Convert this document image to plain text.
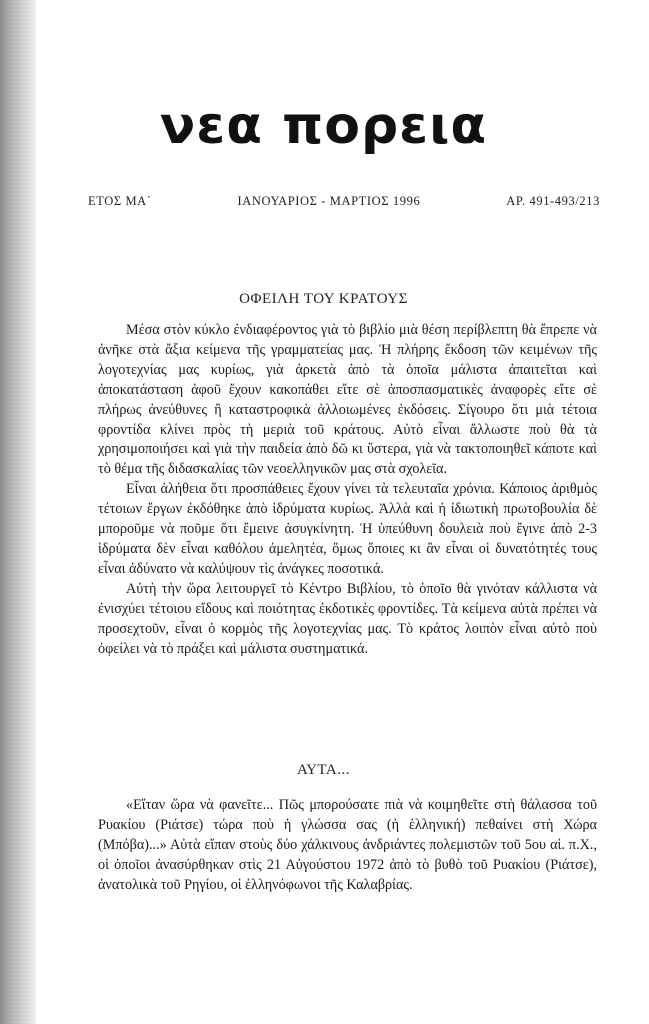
νεα πορεια
ΕΤΟΣ ΜΑ΄	ΙΑΝΟΥΑΡΙΟΣ - ΜΑΡΤΙΟΣ 1996	ΑΡ. 491-493/213
ΟΦΕΙΛΗ ΤΟΥ ΚΡΑΤΟΥΣ

Μέσα στὸν κύκλο ἐνδιαφέροντος γιὰ τὸ βιβλίο μιὰ θέση περίβλεπτη θὰ ἔπρεπε νὰ ἀνῆκε στὰ ἄξια κείμενα τῆς γραμματείας μας. Ἡ πλήρης ἔκδοση τῶν κειμένων τῆς λογοτεχνίας μας κυρίως, γιὰ ἀρκετὰ ἀπὸ τὰ ὁποῖα μάλιστα ἀπαιτεῖται καὶ ἀποκατάσταση ἀφοῦ ἔχουν κακοπάθει εἴτε σὲ ἀποσπασματικὲς ἀναφορὲς εἴτε σὲ πλήρως ἀνεύθυνες ἢ καταστροφικὰ ἀλλοιωμένες ἐκδόσεις. Σίγουρο ὅτι μιὰ τέτοια φροντίδα κλίνει πρὸς τὴ μεριὰ τοῦ κράτους. Αὐτὸ εἶναι ἄλλωστε ποὺ θὰ τὰ χρησιμοποιήσει καὶ γιὰ τὴν παιδεία ἀπὸ δῶ κι ὕστερα, γιὰ νὰ τακτοποιηθεῖ κάποτε καὶ τὸ θέμα τῆς διδασκαλίας τῶν νεοελληνικῶν μας στὰ σχολεῖα.

Εἶναι ἀλήθεια ὅτι προσπάθειες ἔχουν γίνει τὰ τελευταῖα χρόνια. Κάποιος ἀριθμὸς τέτοιων ἔργων ἐκδόθηκε ἀπὸ ἱδρύματα κυρίως. Ἀλλὰ καὶ ἡ ἰδιωτικὴ πρωτοβουλία δὲ μποροῦμε νὰ ποῦμε ὅτι ἔμεινε ἀσυγκίνητη. Ἡ ὑπεύθυνη δουλειὰ ποὺ ἔγινε ἀπὸ 2-3 ἱδρύματα δὲν εἶναι καθόλου ἀμελητέα, ὅμως ὅποιες κι ἂν εἶναι οἱ δυνατότητές τους εἶναι ἀδύνατο νὰ καλύψουν τὶς ἀνάγκες ποσοτικά.

Αὐτὴ τὴν ὥρα λειτουργεῖ τὸ Κέντρο Βιβλίου, τὸ ὁποῖο θὰ γινόταν κάλλιστα νὰ ἐνισχύει τέτοιου εἴδους καὶ ποιότητας ἐκδοτικὲς φροντίδες. Τὰ κείμενα αὐτὰ πρέπει νὰ προσεχτοῦν, εἶναι ὁ κορμὸς τῆς λογοτεχνίας μας. Τὸ κράτος λοιπὸν εἶναι αὐτὸ ποὺ ὀφείλει νὰ τὸ πράξει καὶ μάλιστα συστηματικά.

ΑΥΤΑ...

«Εἴταν ὥρα νὰ φανεῖτε... Πῶς μπορούσατε πιὰ νὰ κοιμηθεῖτε στὴ θάλασσα τοῦ Ρυακίου (Ριάτσε) τώρα ποὺ ἡ γλώσσα σας (ἡ ἑλληνική) πεθαίνει στὴ Χώρα (Μπόβα)...» Αὐτὰ εἴπαν στοὺς δύο χάλκινους ἀνδριάντες πολεμιστῶν τοῦ 5ου αἰ. π.Χ., οἱ ὁποῖοι ἀνασύρθηκαν στὶς 21 Αὐγούστου 1972 ἀπὸ τὸ βυθὸ τοῦ Ρυακίου (Ριάτσε), ἀνατολικὰ τοῦ Ρηγίου, οἱ ἑλληνόφωνοι τῆς Καλαβρίας.
